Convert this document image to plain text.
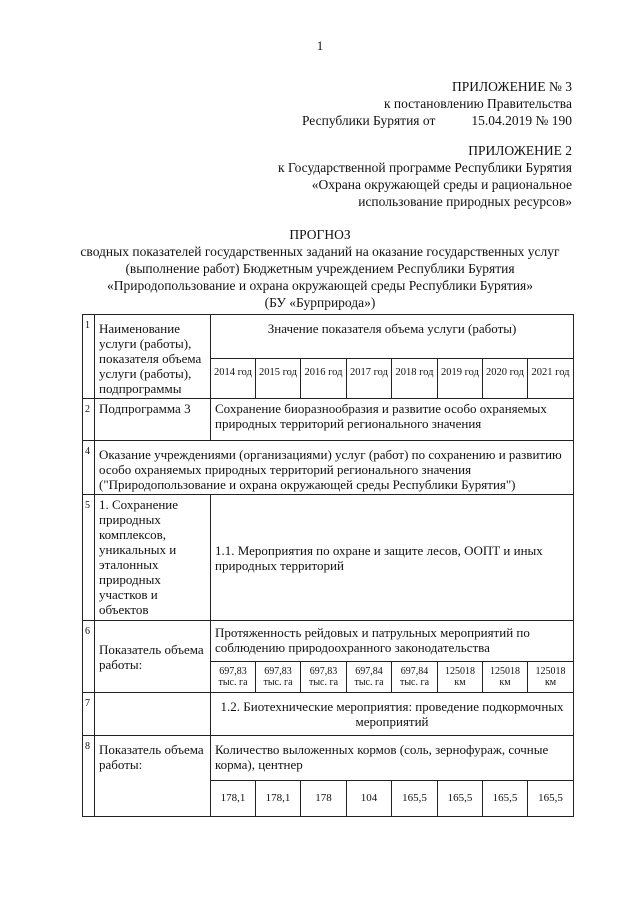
1
ПРИЛОЖЕНИЕ № 3
к постановлению Правительства
Республики Бурятия от	15.04.2019 № 190
ПРИЛОЖЕНИЕ 2
к Государственной программе Республики Бурятия
«Охрана окружающей среды и рациональное
использование природных ресурсов»
ПРОГНОЗ
сводных показателей государственных заданий на оказание государственных услуг
(выполнение работ) Бюджетным учреждением Республики Бурятия
«Природопользование и охрана окружающей среды Республики Бурятия»
(БУ «Бурприрода»)
1	Наименование услуги (работы), показателя объема услуги (работы), подпрограммы	Значение показателя объема услуги (работы)							
		2014 год	2015 год	2016 год	2017 год	2018 год	2019 год	2020 год	2021 год
2	Подпрограмма 3	Сохранение биоразнообразия и развитие особо охраняемых природных территорий регионального значения							
4	Оказание учреждениями (организациями) услуг (работ) по сохранению и развитию особо охраняемых природных территорий регионального значения ("Природопользование и охрана окружающей среды Республики Бурятия")								
5	1. Сохранение природных комплексов, уникальных и эталонных природных участков и объектов	1.1. Мероприятия по охране и защите лесов, ООПТ и иных природных территорий							
6	Показатель объема работы:	Протяженность рейдовых и патрульных мероприятий по соблюдению природоохранного законодательства							
		697,83 тыс. га	697,83 тыс. га	697,83 тыс. га	697,84 тыс. га	697,84 тыс. га	125018 км	125018 км	125018 км
7		1.2. Биотехнические мероприятия: проведение подкормочных мероприятий							
8	Показатель объема работы:	Количество выложенных кормов (соль, зернофураж, сочные корма), центнер							
		178,1	178,1	178	104	165,5	165,5	165,5	165,5
